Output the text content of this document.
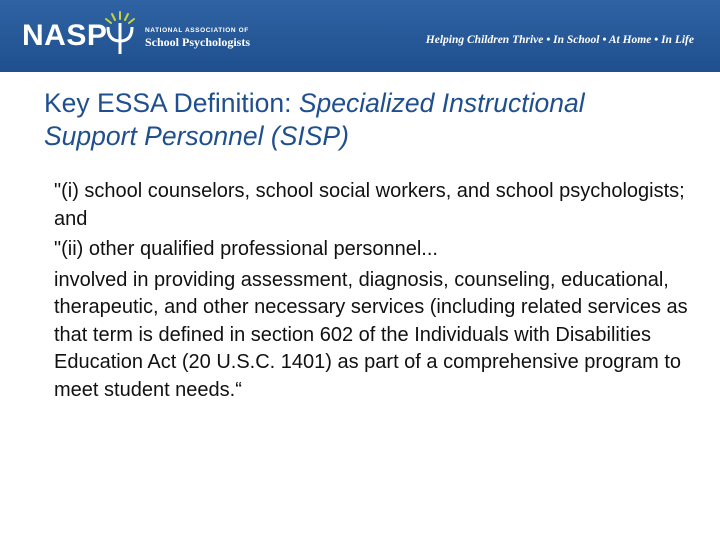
NASP	NATIONAL ASSOCIATION OF
School Psychologists	Helping Children Thrive • In School • At Home • In Life
Key ESSA Definition: Specialized Instructional Support Personnel (SISP)

"(i) school counselors, school social workers, and school psychologists; and

"(ii) other qualified professional personnel...

involved in providing assessment, diagnosis, counseling, educational, therapeutic, and other necessary services (including related services as that term is defined in section 602 of the Individuals with Disabilities Education Act (20 U.S.C. 1401) as part of a comprehensive program to meet student needs.“
